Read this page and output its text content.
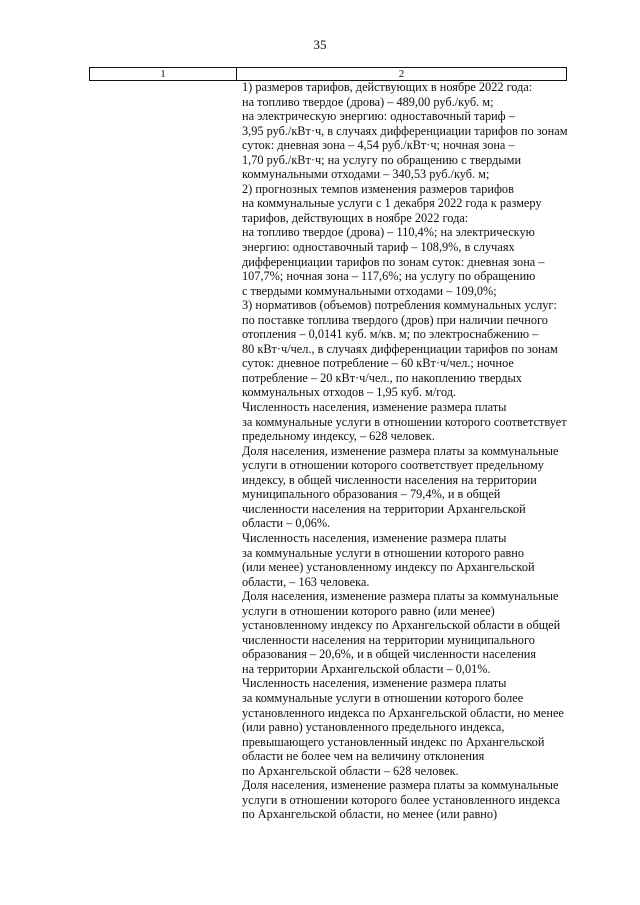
35
1	2

1) размеров тарифов, действующих в ноябре 2022 года:

на топливо твердое (дрова) – 489,00 руб./куб. м;

на электрическую энергию: одноставочный тариф –

3,95 руб./кВт·ч, в случаях дифференциации тарифов по зонам

суток: дневная зона – 4,54 руб./кВт·ч; ночная зона –

1,70 руб./кВт·ч; на услугу по обращению с твердыми

коммунальными отходами – 340,53 руб./куб. м;

2) прогнозных темпов изменения размеров тарифов

на коммунальные услуги с 1 декабря 2022 года к размеру

тарифов, действующих в ноябре 2022 года:

на топливо твердое (дрова) – 110,4%; на электрическую

энергию: одноставочный тариф – 108,9%, в случаях

дифференциации тарифов по зонам суток: дневная зона –

107,7%; ночная зона – 117,6%; на услугу по обращению

с твердыми коммунальными отходами – 109,0%;

3) нормативов (объемов) потребления коммунальных услуг:

по поставке топлива твердого (дров) при наличии печного

отопления – 0,0141 куб. м/кв. м; по электроснабжению –

80 кВт·ч/чел., в случаях дифференциации тарифов по зонам

суток: дневное потребление – 60 кВт·ч/чел.; ночное

потребление – 20 кВт·ч/чел., по накоплению твердых

коммунальных отходов – 1,95 куб. м/год.

Численность населения, изменение размера платы

за коммунальные услуги в отношении которого соответствует

предельному индексу, – 628 человек.

Доля населения, изменение размера платы за коммунальные

услуги в отношении которого соответствует предельному

индексу, в общей численности населения на территории

муниципального образования – 79,4%, и в общей

численности населения на территории Архангельской

области – 0,06%.

Численность населения, изменение размера платы

за коммунальные услуги в отношении которого равно

(или менее) установленному индексу по Архангельской

области, – 163 человека.

Доля населения, изменение размера платы за коммунальные

услуги в отношении которого равно (или менее)

установленному индексу по Архангельской области в общей

численности населения на территории муниципального

образования – 20,6%, и в общей численности населения

на территории Архангельской области – 0,01%.

Численность населения, изменение размера платы

за коммунальные услуги в отношении которого более

установленного индекса по Архангельской области, но менее

(или равно) установленного предельного индекса,

превышающего установленный индекс по Архангельской

области не более чем на величину отклонения

по Архангельской области – 628 человек.

Доля населения, изменение размера платы за коммунальные

услуги в отношении которого более установленного индекса

по Архангельской области, но менее (или равно)
